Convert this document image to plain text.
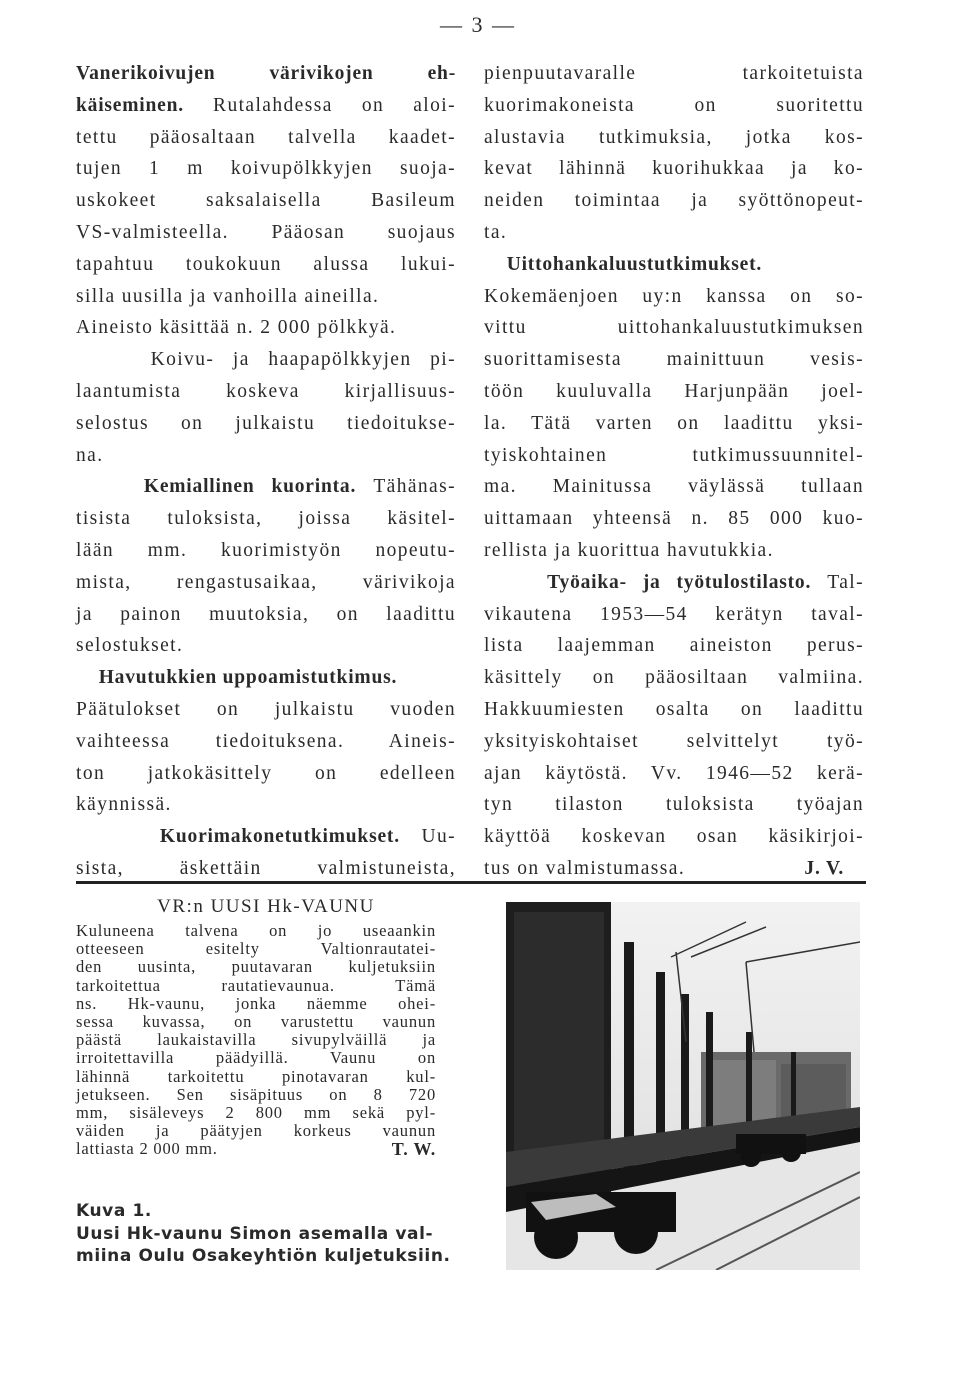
— 3 —
Vanerikoivujen värivikojen eh-
käiseminen. Rutalahdessa on aloi-
tettu pääosaltaan talvella kaadet-
tujen 1 m koivupölkkyjen suoja-
uskokeet saksalaisella Basileum
VS-valmisteella. Pääosan suojaus
tapahtuu toukokuun alussa lukui-
silla uusilla ja vanhoilla aineilla.
Aineisto käsittää n. 2 000 pölkkyä.
Koivu- ja haapapölkkyjen pi-
laantumista koskeva kirjallisuus-
selostus on julkaistu tiedoitukse-
na.
Kemiallinen kuorinta. Tähänas-
tisista tuloksista, joissa käsitel-
lään mm. kuorimistyön nopeutu-
mista, rengastusaikaa, värivikoja
ja painon muutoksia, on laadittu
selostukset.
Havutukkien uppoamistutkimus.
Päätulokset on julkaistu vuoden
vaihteessa tiedoituksena. Aineis-
ton jatkokäsittely on edelleen
käynnissä.
Kuorimakonetutkimukset. Uu-
sista, äskettäin valmistuneista,
pienpuutavaralle tarkoitetuista
kuorimakoneista on suoritettu
alustavia tutkimuksia, jotka kos-
kevat lähinnä kuorihukkaa ja ko-
neiden toimintaa ja syöttönopeut-
ta.
Uittohankaluustutkimukset.
Kokemäenjoen uy:n kanssa on so-
vittu uittohankaluustutkimuksen
suorittamisesta mainittuun vesis-
töön kuuluvalla Harjunpään joel-
la. Tätä varten on laadittu yksi-
tyiskohtainen tutkimussuunnitel-
ma. Mainitussa väylässä tullaan
uittamaan yhteensä n. 85 000 kuo-
rellista ja kuorittua havutukkia.
Työaika- ja työtulostilasto. Tal-
vikautena 1953—54 kerätyn taval-
lista laajemman aineiston perus-
käsittely on pääosiltaan valmiina.
Hakkuumiesten osalta on laadittu
yksityiskohtaiset selvittelyt työ-
ajan käytöstä. Vv. 1946—52 kerä-
tyn tilaston tuloksista työajan
käyttöä koskevan osan käsikirjoi-
tus on valmistumassa.	J. V.
VR:n UUSI Hk-VAUNU
Kuluneena talvena on jo useaankin
otteeseen esitelty Valtionrautatei-
den uusinta, puutavaran kuljetuksiin
tarkoitettua rautatievaunua. Tämä
ns. Hk-vaunu, jonka näemme ohei-
sessa kuvassa, on varustettu vaunun
päästä laukaistavilla sivupylväillä ja
irroitettavilla päädyillä. Vaunu on
lähinnä tarkoitettu pinotavaran kul-
jetukseen. Sen sisäpituus on 8 720
mm, sisäleveys 2 800 mm sekä pyl-
väiden ja päätyjen korkeus vaunun
lattiasta 2 000 mm.	T. W.
Kuva 1.
Uusi Hk-vaunu Simon asemalla val-
miina Oulu Osakeyhtiön kuljetuksiin.
